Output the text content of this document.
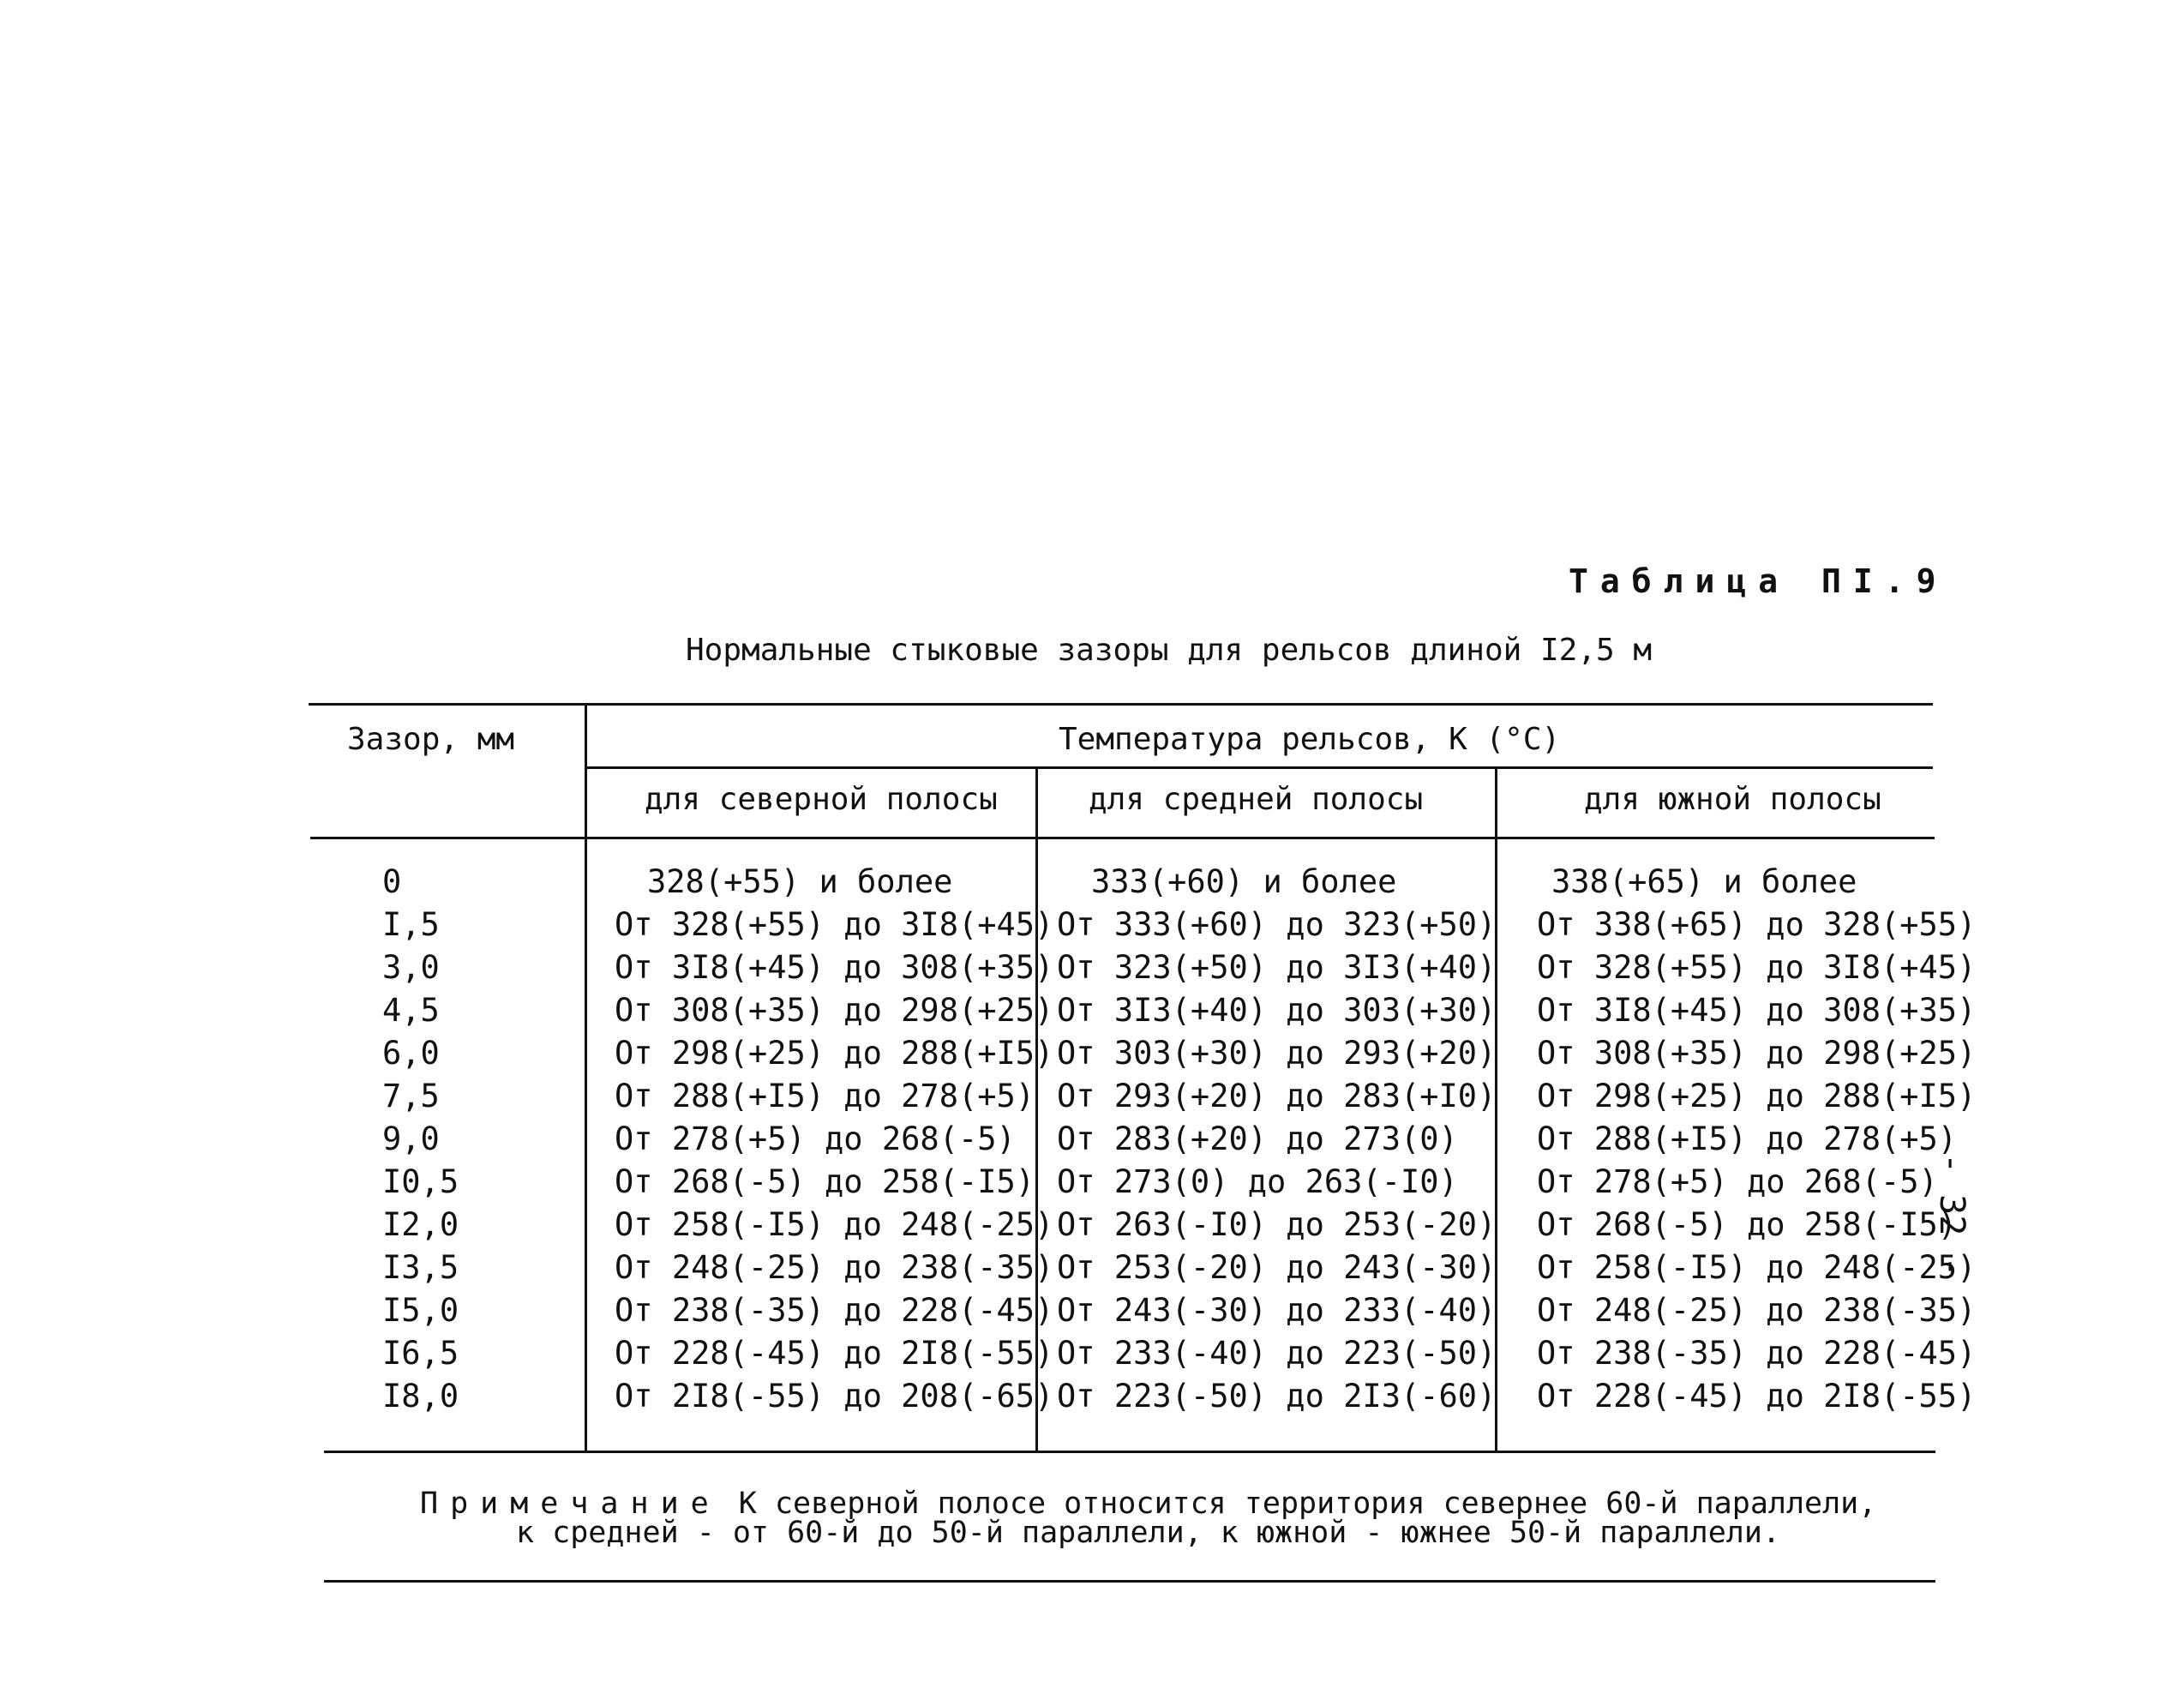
Таблица ПI.9
Нормальные стыковые зазоры для рельсов длиной I2,5 м
Зазор, мм	Температура рельсов, К (°С)
для северной полосы	для средней полосы	для южной полосы
0	328(+55) и более	333(+60) и более	338(+65) и более
I,5	От 328(+55) до 3I8(+45) От 333(+60) до 323(+50) От 338(+65) до 328(+55)
3,0	От 3I8(+45) до 308(+35) От 323(+50) до 3I3(+40) От 328(+55) до 3I8(+45)
4,5	От 308(+35) до 298(+25) От 3I3(+40) до 303(+30) От 3I8(+45) до 308(+35)
6,0	От 298(+25) до 288(+I5) От 303(+30) до 293(+20) От 308(+35) до 298(+25)
7,5	От 288(+I5) до 278(+5) От 293(+20) до 283(+I0) От 298(+25) до 288(+I5)
9,0	От 278(+5) до 268(-5) От 283(+20) до 273(0) От 288(+I5) до 278(+5)
I0,5	От 268(-5) до 258(-I5) От 273(0) до 263(-I0) От 278(+5) до 268(-5)
I2,0	От 258(-I5) до 248(-25) От 263(-I0) до 253(-20) От 268(-5) до 258(-I5)
I3,5	От 248(-25) до 238(-35) От 253(-20) до 243(-30) От 258(-I5) до 248(-25)
I5,0	От 238(-35) до 228(-45) От 243(-30) до 233(-40) От 248(-25) до 238(-35)
I6,5	От 228(-45) до 2I8(-55) От 233(-40) до 223(-50) От 238(-35) до 228(-45)
I8,0	От 2I8(-55) до 208(-65) От 223(-50) до 2I3(-60) От 228(-45) до 2I8(-55)
Примечание К северной полосе относится территория севернее 60-й параллели,
к средней - от 60-й до 50-й параллели, к южной - южнее 50-й параллели.
- 32 -
